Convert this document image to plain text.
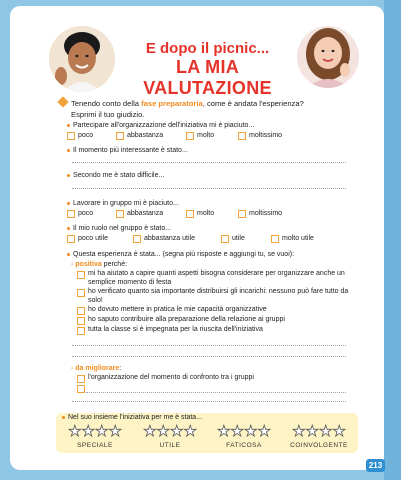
E dopo il picnic...
LA MIA VALUTAZIONE
Tenendo conto della fase preparatoria, come è andata l'esperienza?
Esprimi il tuo giudizio.
Partecipare all'organizzazione dell'iniziativa mi è piaciuto...
poco	abbastanza	molto	moltissimo
Il momento più interessante è stato...
Secondo me è stato difficile...
Lavorare in gruppo mi è piaciuto...
poco	abbastanza	molto	moltissimo
Il mio ruolo nel gruppo è stato...
poco utile	abbastanza utile	utile	molto utile
Questa esperienza è stata... (segna più risposte e aggiungi tu, se vuoi):
- positiva perché:
mi ha aiutato a capire quanti aspetti bisogna considerare per organizzare anche un semplice momento di festa
ho verificato quanto sia importante distribuirsi gli incarichi: nessuno può fare tutto da solo!
ho dovuto mettere in pratica le mie capacità organizzative
ho saputo contribuire alla preparazione della relazione ai gruppi
tutta la classe si è impegnata per la riuscita dell'iniziativa
- da migliorare:
l'organizzazione del momento di confronto tra i gruppi
Nel suo insieme l'iniziativa per me è stata...
★ ★ ★ ★
SPECIALE
★ ★ ★ ★
UTILE
★ ★ ★ ★
FATICOSA
★ ★ ★ ★
COINVOLGENTE
213
